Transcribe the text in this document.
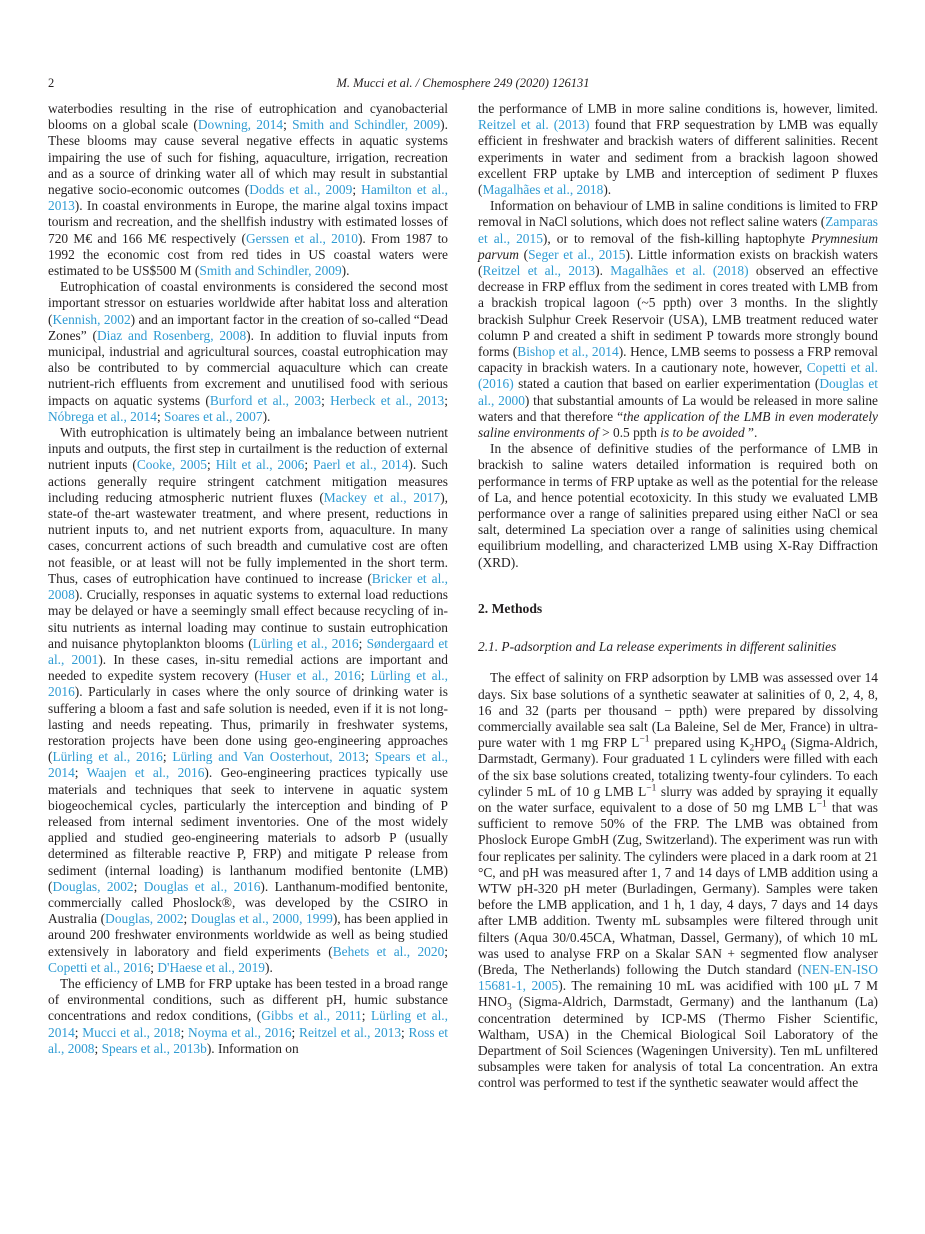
2	M. Mucci et al. / Chemosphere 249 (2020) 126131

waterbodies resulting in the rise of eutrophication and cyanobacterial blooms on a global scale (Downing, 2014; Smith and Schindler, 2009). These blooms may cause several negative effects in aquatic systems impairing the use of such for fishing, aquaculture, irrigation, recreation and as a source of drinking water all of which may result in substantial negative socio-economic outcomes (Dodds et al., 2009; Hamilton et al., 2013). In coastal environments in Europe, the marine algal toxins impact tourism and recreation, and the shellfish industry with estimated losses of 720 M€ and 166 M€ respectively (Gerssen et al., 2010). From 1987 to 1992 the economic cost from red tides in US coastal waters were estimated to be US$500 M (Smith and Schindler, 2009).

Eutrophication of coastal environments is considered the second most important stressor on estuaries worldwide after habitat loss and alteration (Kennish, 2002) and an important factor in the creation of so-called “Dead Zones” (Diaz and Rosenberg, 2008). In addition to fluvial inputs from municipal, industrial and agricultural sources, coastal eutrophication may also be contributed to by commercial aquaculture which can create nutrient-rich effluents from excrement and unutilised food with serious impacts on aquatic systems (Burford et al., 2003; Herbeck et al., 2013; Nóbrega et al., 2014; Soares et al., 2007).

With eutrophication is ultimately being an imbalance between nutrient inputs and outputs, the first step in curtailment is the reduction of external nutrient inputs (Cooke, 2005; Hilt et al., 2006; Paerl et al., 2014). Such actions generally require stringent catchment mitigation measures including reducing atmospheric nutrient fluxes (Mackey et al., 2017), state-of the-art wastewater treatment, and where present, reductions in nutrient inputs to, and net nutrient exports from, aquaculture. In many cases, concurrent actions of such breadth and cumulative cost are often not feasible, or at least will not be fully implemented in the short term. Thus, cases of eutrophication have continued to increase (Bricker et al., 2008). Crucially, responses in aquatic systems to external load reductions may be delayed or have a seemingly small effect because recycling of in-situ nutrients as internal loading may continue to sustain eutrophication and nuisance phytoplankton blooms (Lürling et al., 2016; Søndergaard et al., 2001). In these cases, in-situ remedial actions are important and needed to expedite system recovery (Huser et al., 2016; Lürling et al., 2016). Particularly in cases where the only source of drinking water is suffering a bloom a fast and safe solution is needed, even if it is not long-lasting and needs repeating. Thus, primarily in freshwater systems, restoration projects have been done using geo-engineering approaches (Lürling et al., 2016; Lürling and Van Oosterhout, 2013; Spears et al., 2014; Waajen et al., 2016). Geo-engineering practices typically use materials and techniques that seek to intervene in aquatic system biogeochemical cycles, particularly the interception and binding of P released from internal sediment inventories. One of the most widely applied and studied geo-engineering materials to adsorb P (usually determined as filterable reactive P, FRP) and mitigate P release from sediment (internal loading) is lanthanum modified bentonite (LMB) (Douglas, 2002; Douglas et al., 2016). Lanthanum-modified bentonite, commercially called Phoslock®, was developed by the CSIRO in Australia (Douglas, 2002; Douglas et al., 2000, 1999), has been applied in around 200 freshwater environments worldwide as well as being studied extensively in laboratory and field experiments (Behets et al., 2020; Copetti et al., 2016; D'Haese et al., 2019).

The efficiency of LMB for FRP uptake has been tested in a broad range of environmental conditions, such as different pH, humic substance concentrations and redox conditions, (Gibbs et al., 2011; Lürling et al., 2014; Mucci et al., 2018; Noyma et al., 2016; Reitzel et al., 2013; Ross et al., 2008; Spears et al., 2013b). Information on

the performance of LMB in more saline conditions is, however, limited. Reitzel et al. (2013) found that FRP sequestration by LMB was equally efficient in freshwater and brackish waters of different salinities. Recent experiments in water and sediment from a brackish lagoon showed excellent FRP uptake by LMB and interception of sediment P fluxes (Magalhães et al., 2018).

Information on behaviour of LMB in saline conditions is limited to FRP removal in NaCl solutions, which does not reflect saline waters (Zamparas et al., 2015), or to removal of the fish-killing haptophyte Prymnesium parvum (Seger et al., 2015). Little information exists on brackish waters (Reitzel et al., 2013). Magalhães et al. (2018) observed an effective decrease in FRP efflux from the sediment in cores treated with LMB from a brackish tropical lagoon (~5 ppth) over 3 months. In the slightly brackish Sulphur Creek Reservoir (USA), LMB treatment reduced water column P and created a shift in sediment P towards more strongly bound forms (Bishop et al., 2014). Hence, LMB seems to possess a FRP removal capacity in brackish waters. In a cautionary note, however, Copetti et al. (2016) stated a caution that based on earlier experimentation (Douglas et al., 2000) that substantial amounts of La would be released in more saline waters and that therefore “the application of the LMB in even moderately saline environments of > 0.5 ppth is to be avoided ”.

In the absence of definitive studies of the performance of LMB in brackish to saline waters detailed information is required both on performance in terms of FRP uptake as well as the potential for the release of La, and hence potential ecotoxicity. In this study we evaluated LMB performance over a range of salinities prepared using either NaCl or sea salt, determined La speciation over a range of salinities using chemical equilibrium modelling, and characterized LMB using X-Ray Diffraction (XRD).

2. Methods
2.1. P-adsorption and La release experiments in different salinities

The effect of salinity on FRP adsorption by LMB was assessed over 14 days. Six base solutions of a synthetic seawater at salinities of 0, 2, 4, 8, 16 and 32 (parts per thousand − ppth) were prepared by dissolving commercially available sea salt (La Baleine, Sel de Mer, France) in ultra-pure water with 1 mg FRP $L^{-1}$ prepared using $K_2HPO_4$ (Sigma-Aldrich, Darmstadt, Germany). Four graduated 1 L cylinders were filled with each of the six base solutions created, totalizing twenty-four cylinders. To each cylinder 5 mL of 10 g LMB $L^{-1}$ slurry was added by spraying it equally on the water surface, equivalent to a dose of 50 mg LMB $L^{-1}$ that was sufficient to remove 50% of the FRP. The LMB was obtained from Phoslock Europe GmbH (Zug, Switzerland). The experiment was run with four replicates per salinity. The cylinders were placed in a dark room at 21 °C, and pH was measured after 1, 7 and 14 days of LMB addition using a WTW pH-320 pH meter (Burladingen, Germany). Samples were taken before the LMB application, and 1 h, 1 day, 4 days, 7 days and 14 days after LMB addition. Twenty mL subsamples were filtered through unit filters (Aqua 30/0.45CA, Whatman, Dassel, Germany), of which 10 mL was used to analyse FRP on a Skalar SAN + segmented flow analyser (Breda, The Netherlands) following the Dutch standard (NEN-EN-ISO 15681-1, 2005). The remaining 10 mL was acidified with 100 μL 7 M $HNO_3$ (Sigma-Aldrich, Darmstadt, Germany) and the lanthanum (La) concentration determined by ICP-MS (Thermo Fisher Scientific, Waltham, USA) in the Chemical Biological Soil Laboratory of the Department of Soil Sciences (Wageningen University). Ten mL unfiltered subsamples were taken for analysis of total La concentration. An extra control was performed to test if the synthetic seawater would affect the
